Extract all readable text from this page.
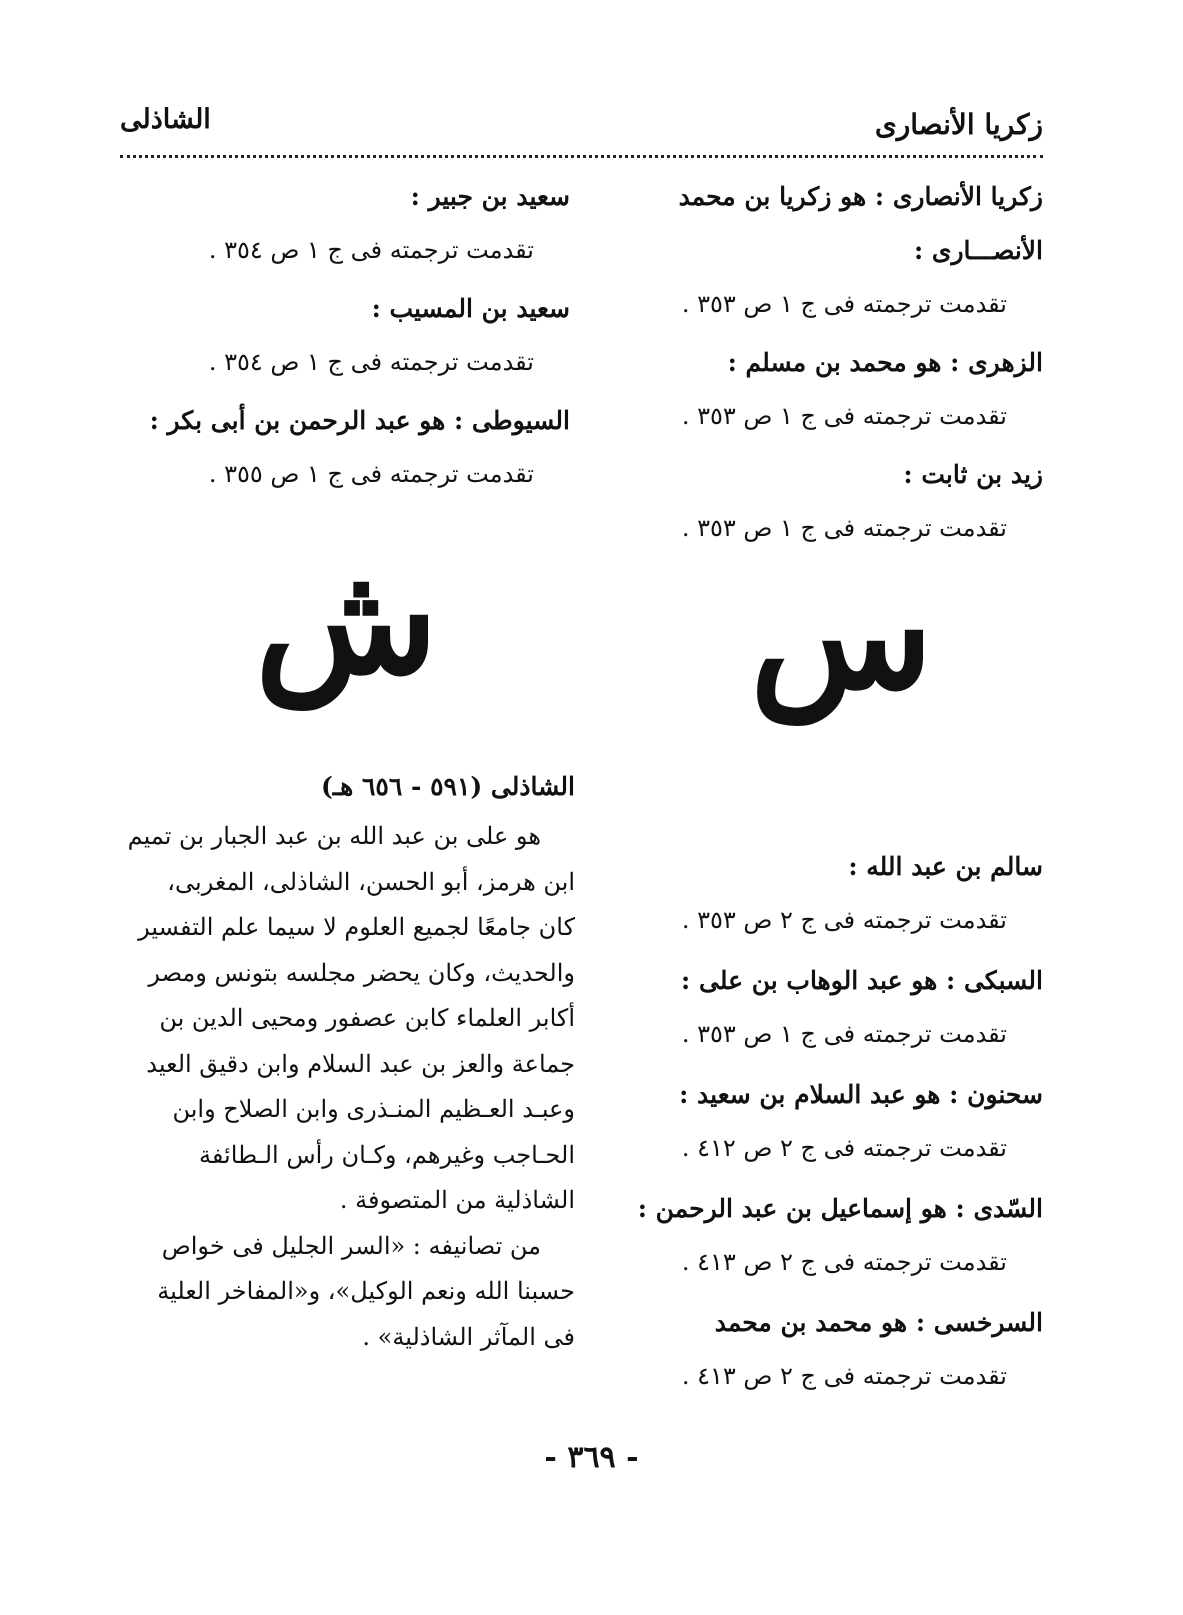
زكريا الأنصارى
الشاذلى
زكريا الأنصارى : هو زكريا بن محمد
الأنصـــارى :
تقدمت ترجمته فى ج ١ ص ٣٥٣ .
الزهرى : هو محمد بن مسلم :
تقدمت ترجمته فى ج ١ ص ٣٥٣ .
زيد بن ثابت :
تقدمت ترجمته فى ج ١ ص ٣٥٣ .
سعيد بن جبير :
تقدمت ترجمته فى ج ١ ص ٣٥٤ .
سعيد بن المسيب :
تقدمت ترجمته فى ج ١ ص ٣٥٤ .
السيوطى : هو عبد الرحمن بن أبى بكر :
تقدمت ترجمته فى ج ١ ص ٣٥٥ .
س
ش
سالم بن عبد الله :
تقدمت ترجمته فى ج ٢ ص ٣٥٣ .
السبكى : هو عبد الوهاب بن على :
تقدمت ترجمته فى ج ١ ص ٣٥٣ .
سحنون : هو عبد السلام بن سعيد :
تقدمت ترجمته فى ج ٢ ص ٤١٢ .
السّدى : هو إسماعيل بن عبد الرحمن :
تقدمت ترجمته فى ج ٢ ص ٤١٣ .
السرخسى : هو محمد بن محمد
تقدمت ترجمته فى ج ٢ ص ٤١٣ .
الشاذلى (٥٩١ - ٦٥٦ هـ)
هو على بن عبد الله بن عبد الجبار بن تميم
ابن هرمز، أبو الحسن، الشاذلى، المغربى،
كان جامعًا لجميع العلوم لا سيما علم التفسير
والحديث، وكان يحضر مجلسه بتونس ومصر
أكابر العلماء كابن عصفور ومحيى الدين بن
جماعة والعز بن عبد السلام وابن دقيق العيد
وعبـد العـظيم المنـذرى وابن الصلاح وابن
الحـاجب وغيرهم، وكـان رأس الـطائفة
الشاذلية من المتصوفة .
من تصانيفه : «السر الجليل فى خواص
حسبنا الله ونعم الوكيل»، و«المفاخر العلية
فى المآثر الشاذلية» .
- ٣٦٩ -
